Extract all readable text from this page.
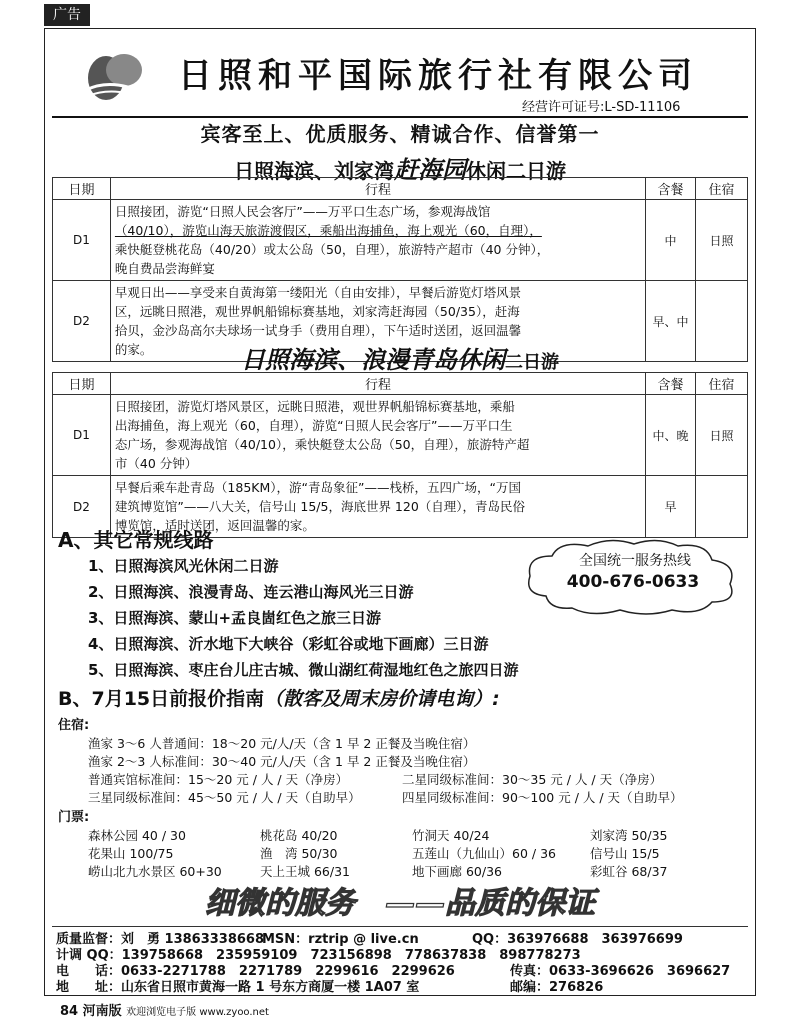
广告
日照和平国际旅行社有限公司
经营许可证号:L-SD-11106
宾客至上、优质服务、精诚合作、信誉第一
日照海滨、刘家湾赶海园休闲二日游
日期	行程	含餐	住宿
D1	日照接团，游览“日照人民会客厅”——万平口生态广场，参观海战馆
（40/10），游览山海天旅游渡假区，乘船出海捕鱼，海上观光（60，自理），
乘快艇登桃花岛（40/20）或太公岛（50，自理），旅游特产超市（40 分钟），
晚自费品尝海鲜宴	中	日照
D2	早观日出——享受来自黄海第一缕阳光（自由安排），早餐后游览灯塔风景
区，远眺日照港，观世界帆船锦标赛基地，刘家湾赶海园（50/35），赶海
拾贝，金沙岛高尔夫球场一试身手（费用自理），下午适时送团，返回温馨
的家。	早、中	
日照海滨、浪漫青岛休闲二日游
日期	行程	含餐	住宿
D1	日照接团，游览灯塔风景区，远眺日照港，观世界帆船锦标赛基地，乘船
出海捕鱼，海上观光（60，自理），游览“日照人民会客厅”——万平口生
态广场，参观海战馆（40/10），乘快艇登太公岛（50，自理），旅游特产超
市（40 分钟）	中、晚	日照
D2	早餐后乘车赴青岛（185KM），游“青岛象征”——栈桥，五四广场，“万国
建筑博览馆”——八大关，信号山 15/5，海底世界 120（自理），青岛民俗
博览馆，适时送团，返回温馨的家。	早	
A、其它常规线路
1、日照海滨风光休闲二日游
2、日照海滨、浪漫青岛、连云港山海风光三日游
3、日照海滨、蒙山+孟良崮红色之旅三日游
4、日照海滨、沂水地下大峡谷（彩虹谷或地下画廊）三日游
5、日照海滨、枣庄台儿庄古城、微山湖红荷湿地红色之旅四日游
全国统一服务热线
400-676-0633
B、7月15日前报价指南（散客及周末房价请电询）:
住宿:
渔家 3～6 人普通间：18～20 元/人/天（含 1 早 2 正餐及当晚住宿）
渔家 2～3 人标准间：30～40 元/人/天（含 1 早 2 正餐及当晚住宿）
普通宾馆标准间：15～20 元 / 人 / 天（净房）	二星同级标准间：30～35 元 / 人 / 天（净房）
三星同级标准间：45～50 元 / 人 / 天（自助早）	四星同级标准间：90～100 元 / 人 / 天（自助早）
门票:
森林公园 40 / 30	桃花岛 40/20	竹洞天 40/24	刘家湾 50/35
花果山 100/75	渔　湾 50/30	五莲山（九仙山）60 / 36	信号山 15/5
崂山北九水景区 60+30	天上王城 66/31	地下画廊 60/36	彩虹谷 68/37
细微的服务　——品质的保证
质量监督：刘　勇 13863338668
MSN：rztrip @ live.cn	QQ：363976688　363976699
计调 QQ：139758668　235959109　723156898　778637838　898778273
电　　话：0633-2271788　2271789　2299616　2299626	传真：0633-3696626　3696627
地　　址：山东省日照市黄海一路 1 号东方商厦一楼 1A07 室	邮编：276826
84 河南版 欢迎浏览电子版 www.zyoo.net
